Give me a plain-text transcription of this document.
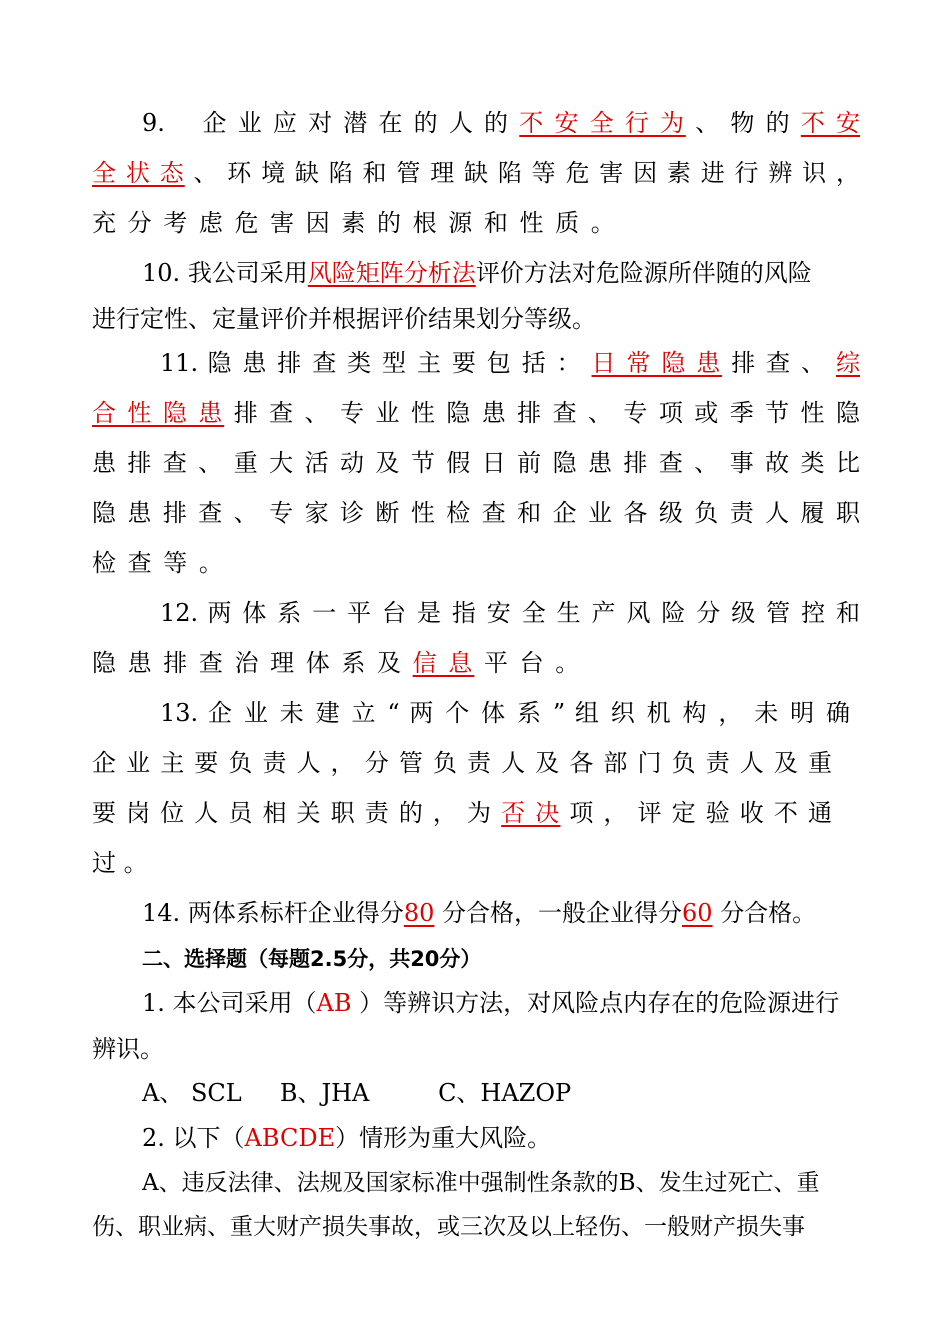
9. 企 业 应 对 潜 在 的 人 的 不 安 全 行 为 、 物 的 不 安
全 状 态 、 环 境 缺 陷 和 管 理 缺 陷 等 危 害 因 素 进 行 辨 识 ，
充 分 考 虑 危 害 因 素 的 根 源 和 性 质 。
10. 我公司采用风险矩阵分析法评价方法对危险源所伴随的风险
进行定性、定量评价并根据评价结果划分等级。
11. 隐 患 排 查 类 型 主 要 包 括 ： 日 常 隐 患 排 查 、 综
合 性 隐 患 排 查 、 专 业 性 隐 患 排 查 、 专 项 或 季 节 性 隐
患 排 查 、 重 大 活 动 及 节 假 日 前 隐 患 排 查 、 事 故 类 比
隐 患 排 查 、 专 家 诊 断 性 检 查 和 企 业 各 级 负 责 人 履 职
检 查 等 。
12. 两 体 系 一 平 台 是 指 安 全 生 产 风 险 分 级 管 控 和
隐 患 排 查 治 理 体 系 及 信 息 平 台 。
13. 企 业 未 建 立 “ 两 个 体 系 ” 组 织 机 构 ， 未 明 确
企 业 主 要 负 责 人 ， 分 管 负 责 人 及 各 部 门 负 责 人 及 重
要 岗 位 人 员 相 关 职 责 的 ， 为 否 决 项 ， 评 定 验 收 不 通
过 。
14. 两体系标杆企业得分80 分合格，一般企业得分60 分合格。
二、选择题（每题2.5分，共20分）
1. 本公司采用（AB ）等辨识方法，对风险点内存在的危险源进行
辨识。
A、 SCL B、JHA	C、HAZOP
2. 以下（ABCDE）情形为重大风险。
A、违反法律、法规及国家标准中强制性条款的B、发生过死亡、重
伤、职业病、重大财产损失事故，或三次及以上轻伤、一般财产损失事
